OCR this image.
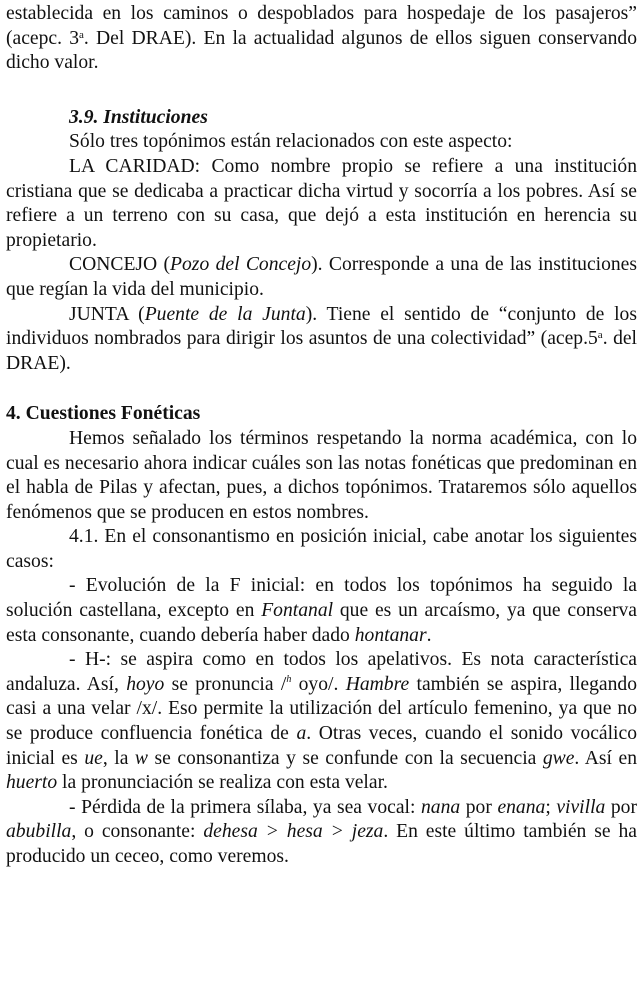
establecida en los caminos o despoblados para hospedaje de los pasajeros” (acepc. 3$^a$. Del DRAE). En la actualidad algunos de ellos siguen conservando dicho valor.

3.9. Instituciones

Sólo tres topónimos están relacionados con este aspecto:

LA CARIDAD: Como nombre propio se refiere a una institución cristiana que se dedicaba a practicar dicha virtud y socorría a los pobres. Así se refiere a un terreno con su casa, que dejó a esta institución en herencia su propietario.

CONCEJO (Pozo del Concejo). Corresponde a una de las instituciones que regían la vida del municipio.

JUNTA (Puente de la Junta). Tiene el sentido de “conjunto de los individuos nombrados para dirigir los asuntos de una colectividad” (acep.5$^a$. del DRAE).

4. Cuestiones Fonéticas

Hemos señalado los términos respetando la norma académica, con lo cual es necesario ahora indicar cuáles son las notas fonéticas que predominan en el habla de Pilas y afectan, pues, a dichos topónimos. Trataremos sólo aquellos fenómenos que se producen en estos nombres.

4.1. En el consonantismo en posición inicial, cabe anotar los siguientes casos:

- Evolución de la F inicial: en todos los topónimos ha seguido la solución castellana, excepto en Fontanal que es un arcaísmo, ya que conserva esta consonante, cuando debería haber dado hontanar.

- H-: se aspira como en todos los apelativos. Es nota característica andaluza. Así, hoyo se pronuncia /$^h$ oyo/. Hambre también se aspira, llegando casi a una velar /x/. Eso permite la utilización del artículo femenino, ya que no se produce confluencia fonética de a. Otras veces, cuando el sonido vocálico inicial es ue, la w se consonantiza y se confunde con la secuencia gwe. Así en huerto la pronunciación se realiza con esta velar.

- Pérdida de la primera sílaba, ya sea vocal: nana por enana; vivilla por abubilla, o consonante: dehesa > hesa > jeza. En este último también se ha producido un ceceo, como veremos.
